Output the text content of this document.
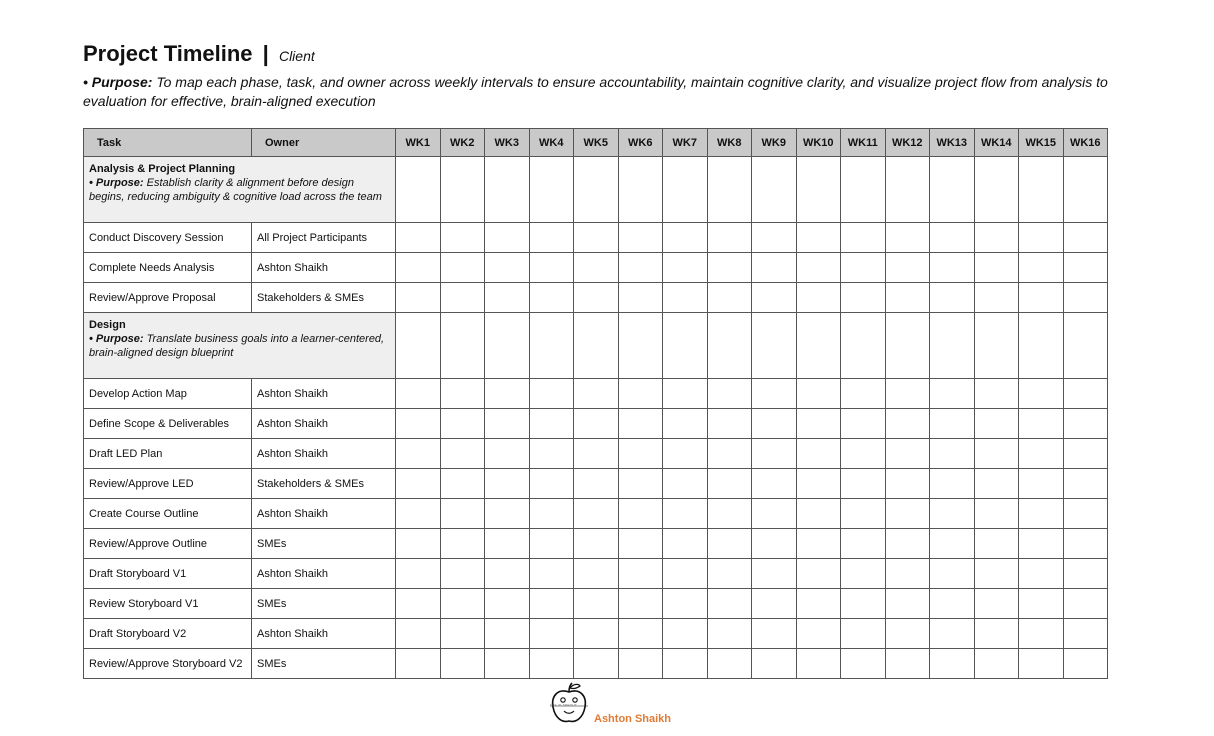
Project Timeline | Client
• Purpose: To map each phase, task, and owner across weekly intervals to ensure accountability, maintain cognitive clarity, and visualize project flow from analysis to evaluation for effective, brain-aligned execution
Task	Owner	WK1	WK2	WK3	WK4	WK5	WK6	WK7	WK8	WK9	WK10	WK11	WK12	WK13	WK14	WK15	WK16

Analysis & Project Planning
• Purpose: Establish clarity & alignment before design begins, reducing ambiguity & cognitive load across the team																	

Conduct Discovery Session	All Project Participants																
Complete Needs Analysis	Ashton Shaikh																
Review/Approve Proposal	Stakeholders & SMEs																

Design
• Purpose: Translate business goals into a learner-centered, brain-aligned design blueprint																	

Develop Action Map	Ashton Shaikh																
Define Scope & Deliverables	Ashton Shaikh																
Draft LED Plan	Ashton Shaikh																
Review/Approve LED	Stakeholders & SMEs																
Create Course Outline	Ashton Shaikh																
Review/Approve Outline	SMEs																
Draft Storyboard V1	Ashton Shaikh																
Review Storyboard V1	SMEs																
Draft Storyboard V2	Ashton Shaikh																
Review/Approve Storyboard V2	SMEs																
THE ID SPROUT
Ashton Shaikh
